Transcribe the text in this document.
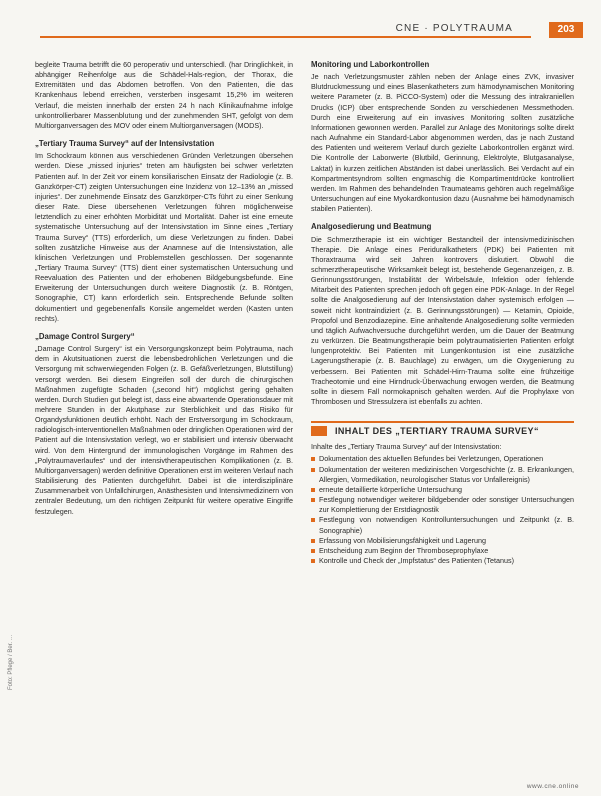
CNE · POLYTRAUMA	203

begleite Trauma betrifft die 60 peroperativ und unterschiedl. (har Dringlichkeit, in abhängiger Reihenfolge aus die Schädel-Hals-region, der Thorax, die Extremitäten und das Abdomen betroffen. Von den Patienten, die das Krankenhaus lebend erreichen, versterben insgesamt 15,2% im weiteren Verlauf, die meisten innerhalb der ersten 24 h nach Klinikaufnahme infolge unkontrollierbarer Massenblutung und der zunehmenden SHT, gefolgt von dem Multiorganversagen des MOV oder einem Multiorganversagen (MODS).

„Tertiary Trauma Survey“ auf der Intensivstation

Im Schockraum können aus verschiedenen Gründen Verletzungen übersehen werden. Diese „missed injuries“ treten am häufigsten bei schwer verletzten Patienten auf. In der Zeit vor einem konsiliarischen Einsatz der Radiologie (z. B. Ganzkörper-CT) zeigten Untersuchungen eine Inzidenz von 12–13% an „missed injuries“. Der zunehmende Einsatz des Ganzkörper-CTs führt zu einer Senkung dieser Rate. Diese übersehenen Verletzungen führen möglicherweise letztendlich zu einer erhöhten Morbidität und Mortalität. Daher ist eine erneute systematische Untersuchung auf der Intensivstation im Sinne eines „Tertiary Trauma Survey“ (TTS) erforderlich, um diese Verletzungen zu finden. Dabei sollten zusätzliche Hinweise aus der Anamnese auf die Intensivstation, alle klinischen Verletzungen und Problemstellen geschlossen. Der sogenannte „Tertiary Trauma Survey“ (TTS) dient einer systematischen Untersuchung und Reevaluation des Patienten und der erhobenen Bildgebungsbefunde. Eine Erweiterung der Untersuchungen durch weitere Diagnostik (z. B. Röntgen, Sonographie, CT) kann erforderlich sein. Entsprechende Befunde sollten dokumentiert und gegebenenfalls Konsile angemeldet werden (Kasten unten rechts).

„Damage Control Surgery“

„Damage Control Surgery“ ist ein Versorgungskonzept beim Polytrauma, nach dem in Akutsituationen zuerst die lebensbedrohlichen Verletzungen und die Versorgung mit schwerwiegenden Folgen (z. B. Gefäßverletzungen, Blutstillung) versorgt werden. Bei diesem Eingreifen soll der durch die chirurgischen Maßnahmen zugefügte Schaden („second hit“) möglichst gering gehalten werden. Durch Studien gut belegt ist, dass eine abwartende Operationsdauer mit mehrere Stunden in der Akutphase zur Sterblichkeit und das Risiko für Organdysfunktionen deutlich erhöht. Nach der Erstversorgung im Schockraum, radiologisch-interventionellen Maßnahmen oder dringlichen Operationen wird der Patient auf die Intensivstation verlegt, wo er stabilisiert und intensiv überwacht wird. Von dem Hintergrund der immunologischen Vorgänge im Rahmen des „Polytraumaverlaufes“ und der intensivtherapeutischen Komplikationen (z. B. Multiorganversagen) werden definitive Operationen erst im weiteren Verlauf nach Stabilisierung des Patienten durchgeführt. Dabei ist die interdisziplinäre Zusammenarbeit von Unfallchirurgen, Anästhesisten und Intensivmedizinern von zentraler Bedeutung, um den richtigen Zeitpunkt für weitere operative Eingriffe festzulegen.

Monitoring und Laborkontrollen

Je nach Verletzungsmuster zählen neben der Anlage eines ZVK, invasiver Blutdruckmessung und eines Blasenkatheters zum hämodynamischen Monitoring weitere Parameter (z. B. PiCCO-System) oder die Messung des intrakraniellen Drucks (ICP) über entsprechende Sonden zu verschiedenen Messmethoden. Durch eine Erweiterung auf ein invasives Monitoring sollten zusätzliche Informationen gewonnen werden. Parallel zur Anlage des Monitorings sollte direkt nach Aufnahme ein Standard-Labor abgenommen werden, das je nach Zustand des Patienten und weiterem Verlauf durch gezielte Laborkontrollen ergänzt wird. Die Kontrolle der Laborwerte (Blutbild, Gerinnung, Elektrolyte, Blutgasanalyse, Laktat) in kurzen zeitlichen Abständen ist dabei unerlässlich. Bei Verdacht auf ein Kompartmentsyndrom sollten engmaschig die Kompartimentdrücke kontrolliert werden. Im Rahmen des behandelnden Traumateams gehören auch regelmäßige Untersuchungen auf eine Myokardkontusion dazu (Ausnahme bei hämodynamisch stabilen Patienten).

Analgosedierung und Beatmung

Die Schmerztherapie ist ein wichtiger Bestandteil der intensivmedizinischen Therapie. Die Anlage eines Periduralkatheters (PDK) bei Patienten mit Thoraxtrauma wird seit Jahren kontrovers diskutiert. Obwohl die schmerztherapeutische Wirksamkeit belegt ist, bestehende Gegenanzeigen, z. B. Gerinnungsstörungen, Instabilität der Wirbelsäule, Infektion oder fehlende Mitarbeit des Patienten sprechen jedoch oft gegen eine PDK-Anlage. In der Regel sollte die Analgosedierung auf der Intensivstation daher systemisch erfolgen — soweit nicht kontraindiziert (z. B. Gerinnungsstörungen) — Ketamin, Opioide, Propofol und Benzodiazepine. Eine anhaltende Analgosedierung sollte vermieden und täglich Aufwachversuche durchgeführt werden, um die Dauer der Beatmung zu verkürzen. Die Beatmungstherapie beim polytraumatisierten Patienten erfolgt lungenprotektiv. Bei Patienten mit Lungenkontusion ist eine zusätzliche Lagerungstherapie (z. B. Bauchlage) zu erwägen, um die Oxygenierung zu verbessern. Bei Patienten mit Schädel-Hirn-Trauma sollte eine frühzeitige Tracheotomie und eine Hirndruck-Überwachung erwogen werden, die Beatmung sollte in diesem Fall normokapnisch gehalten werden. Auf die Prophylaxe von Thrombosen und Stressulzera ist ebenfalls zu achten.

INHALT DES „TERTIARY TRAUMA SURVEY“

Inhalte des „Tertiary Trauma Survey“ auf der Intensivstation:

Dokumentation des aktuellen Befundes bei Verletzungen, Operationen
Dokumentation der weiteren medizinischen Vorgeschichte (z. B. Erkrankungen, Allergien, Vormedikation, neurologischer Status vor Unfallereignis)
erneute detaillierte körperliche Untersuchung
Festlegung notwendiger weiterer bildgebender oder sonstiger Untersuchungen zur Komplettierung der Erstdiagnostik
Festlegung von notwendigen Kontrolluntersuchungen und Zeitpunkt (z. B. Sonographie)
Erfassung von Mobilisierungsfähigkeit und Lagerung
Entscheidung zum Beginn der Thromboseprophylaxe
Kontrolle und Check der „Impfstatus“ des Patienten (Tetanus)
Foto: Pflege / Ber. …
www.cne.online
